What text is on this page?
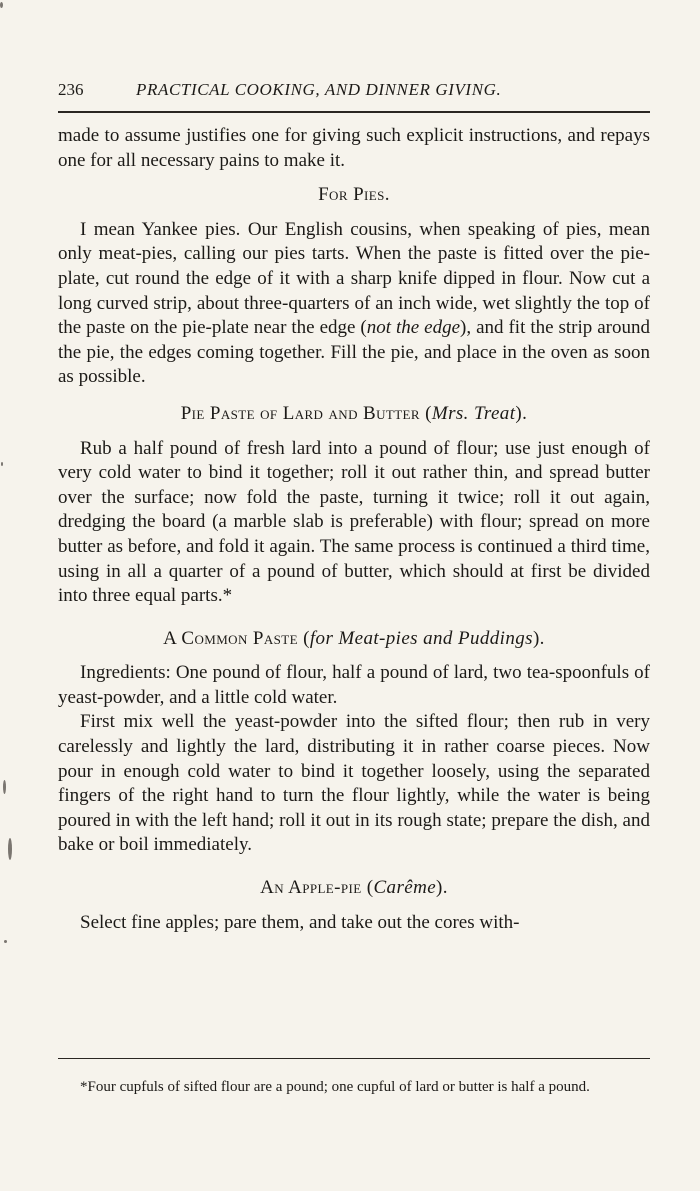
236	PRACTICAL COOKING, AND DINNER GIVING.

made to assume justifies one for giving such explicit instructions, and repays one for all necessary pains to make it.

For Pies.

I mean Yankee pies. Our English cousins, when speaking of pies, mean only meat-pies, calling our pies tarts. When the paste is fitted over the pie-plate, cut round the edge of it with a sharp knife dipped in flour. Now cut a long curved strip, about three-quarters of an inch wide, wet slightly the top of the paste on the pie-plate near the edge (not the edge), and fit the strip around the pie, the edges coming together. Fill the pie, and place in the oven as soon as possible.

Pie Paste of Lard and Butter (Mrs. Treat).

Rub a half pound of fresh lard into a pound of flour; use just enough of very cold water to bind it together; roll it out rather thin, and spread butter over the surface; now fold the paste, turning it twice; roll it out again, dredging the board (a marble slab is preferable) with flour; spread on more butter as before, and fold it again. The same process is continued a third time, using in all a quarter of a pound of butter, which should at first be divided into three equal parts.*

A Common Paste (for Meat-pies and Puddings).

Ingredients: One pound of flour, half a pound of lard, two tea-spoonfuls of yeast-powder, and a little cold water.

First mix well the yeast-powder into the sifted flour; then rub in very carelessly and lightly the lard, distributing it in rather coarse pieces. Now pour in enough cold water to bind it together loosely, using the separated fingers of the right hand to turn the flour lightly, while the water is being poured in with the left hand; roll it out in its rough state; prepare the dish, and bake or boil immediately.

An Apple-pie (Carême).

Select fine apples; pare them, and take out the cores with-

*Four cupfuls of sifted flour are a pound; one cupful of lard or butter is half a pound.
